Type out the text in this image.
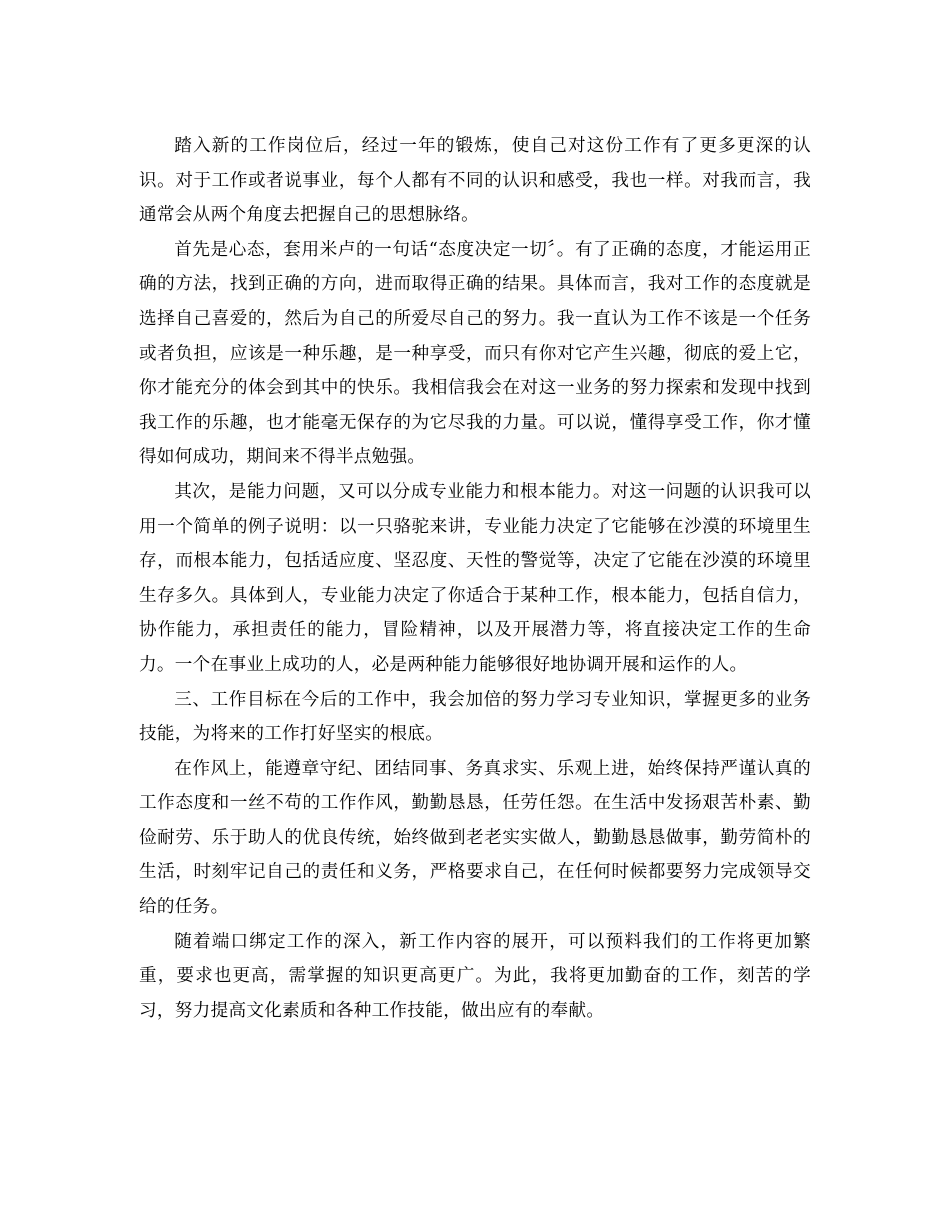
踏入新的工作岗位后，经过一年的锻炼，使自己对这份工作有了更多更深的认识。对于工作或者说事业，每个人都有不同的认识和感受，我也一样。对我而言，我通常会从两个角度去把握自己的思想脉络。

首先是心态，套用米卢的一句话“态度决定一切〞。有了正确的态度，才能运用正确的方法，找到正确的方向，进而取得正确的结果。具体而言，我对工作的态度就是选择自己喜爱的，然后为自己的所爱尽自己的努力。我一直认为工作不该是一个任务或者负担，应该是一种乐趣，是一种享受，而只有你对它产生兴趣，彻底的爱上它，你才能充分的体会到其中的快乐。我相信我会在对这一业务的努力探索和发现中找到我工作的乐趣，也才能毫无保存的为它尽我的力量。可以说，懂得享受工作，你才懂得如何成功，期间来不得半点勉强。

其次，是能力问题，又可以分成专业能力和根本能力。对这一问题的认识我可以用一个简单的例子说明：以一只骆驼来讲，专业能力决定了它能够在沙漠的环境里生存，而根本能力，包括适应度、坚忍度、天性的警觉等，决定了它能在沙漠的环境里生存多久。具体到人，专业能力决定了你适合于某种工作，根本能力，包括自信力，协作能力，承担责任的能力，冒险精神，以及开展潜力等，将直接决定工作的生命力。一个在事业上成功的人，必是两种能力能够很好地协调开展和运作的人。

三、工作目标在今后的工作中，我会加倍的努力学习专业知识，掌握更多的业务技能，为将来的工作打好坚实的根底。

在作风上，能遵章守纪、团结同事、务真求实、乐观上进，始终保持严谨认真的工作态度和一丝不苟的工作作风，勤勤恳恳，任劳任怨。在生活中发扬艰苦朴素、勤俭耐劳、乐于助人的优良传统，始终做到老老实实做人，勤勤恳恳做事，勤劳简朴的生活，时刻牢记自己的责任和义务，严格要求自己，在任何时候都要努力完成领导交给的任务。

随着端口绑定工作的深入，新工作内容的展开，可以预料我们的工作将更加繁重，要求也更高，需掌握的知识更高更广。为此，我将更加勤奋的工作，刻苦的学习，努力提高文化素质和各种工作技能，做出应有的奉献。
